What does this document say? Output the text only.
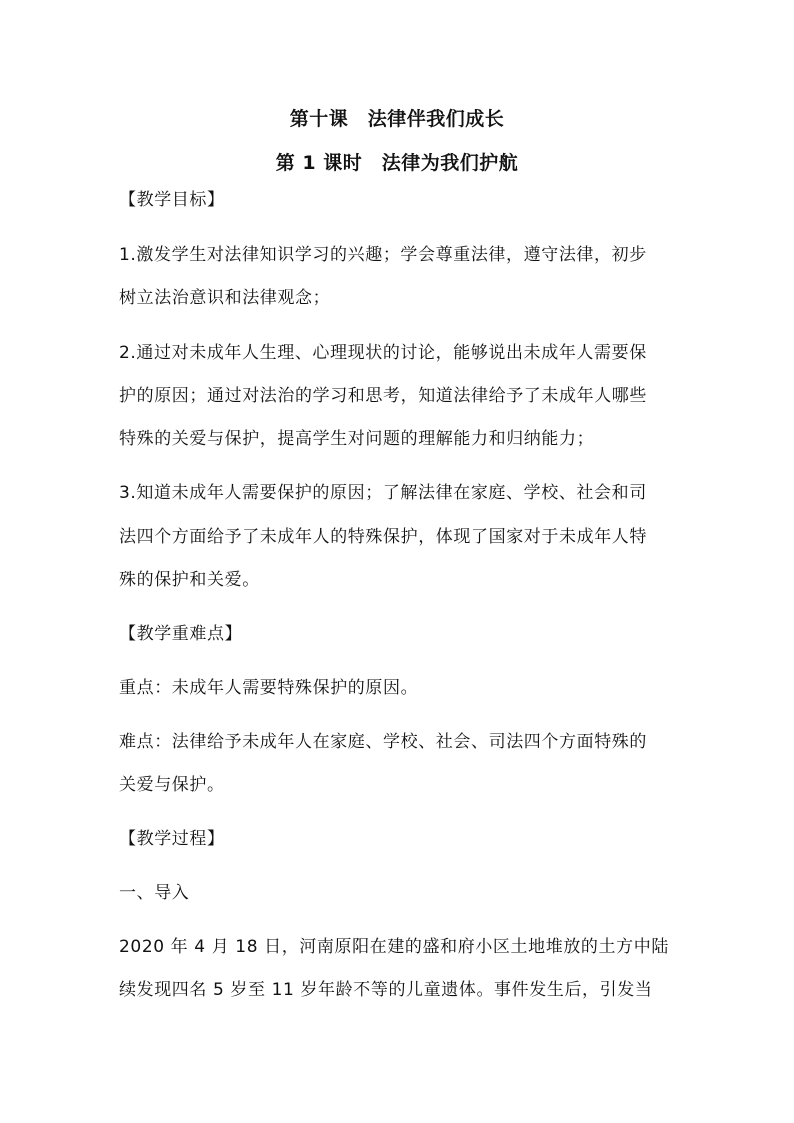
第十课　法律伴我们成长
第 1 课时　法律为我们护航
【教学目标】
1.激发学生对法律知识学习的兴趣；学会尊重法律，遵守法律，初步
树立法治意识和法律观念；
2.通过对未成年人生理、心理现状的讨论，能够说出未成年人需要保
护的原因；通过对法治的学习和思考，知道法律给予了未成年人哪些
特殊的关爱与保护，提高学生对问题的理解能力和归纳能力；
3.知道未成年人需要保护的原因；了解法律在家庭、学校、社会和司
法四个方面给予了未成年人的特殊保护，体现了国家对于未成年人特
殊的保护和关爱。
【教学重难点】
重点：未成年人需要特殊保护的原因。
难点：法律给予未成年人在家庭、学校、社会、司法四个方面特殊的
关爱与保护。
【教学过程】
一、导入
2020 年 4 月 18 日，河南原阳在建的盛和府小区土地堆放的土方中陆
续发现四名 5 岁至 11 岁年龄不等的儿童遗体。事件发生后，引发当
